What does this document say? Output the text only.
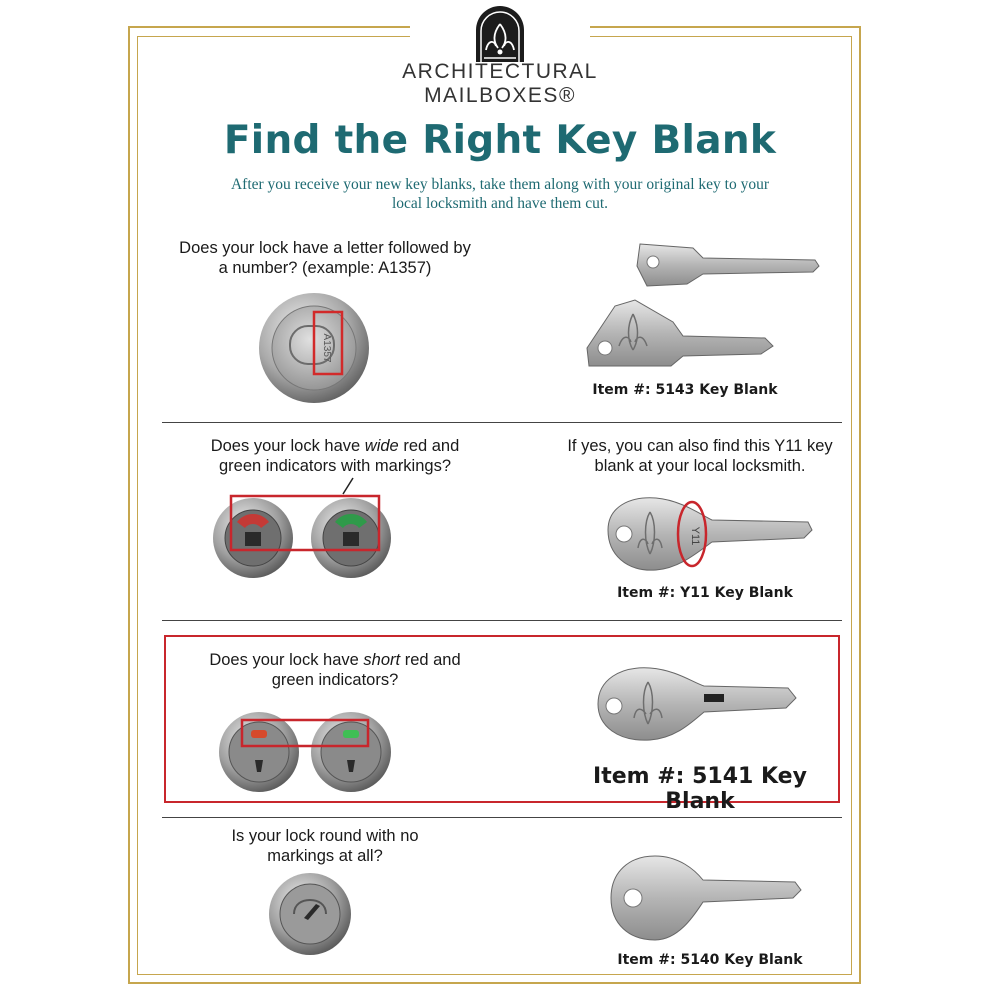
ARCHITECTURAL
MAILBOXES®
Find the Right Key Blank
After you receive your new key blanks, take them along with your original key to your local locksmith and have them cut.
Does your lock have a letter followed by
a number? (example: A1357)
A1357
Item #: 5143 Key Blank
Does your lock have wide red and
green indicators with markings?
If yes, you can also find this Y11 key
blank at your local locksmith.
Y11
Item #: Y11 Key Blank
Does your lock have short red and
green indicators?
Item #: 5141 Key Blank
Is your lock round with no
markings at all?
Item #: 5140 Key Blank
